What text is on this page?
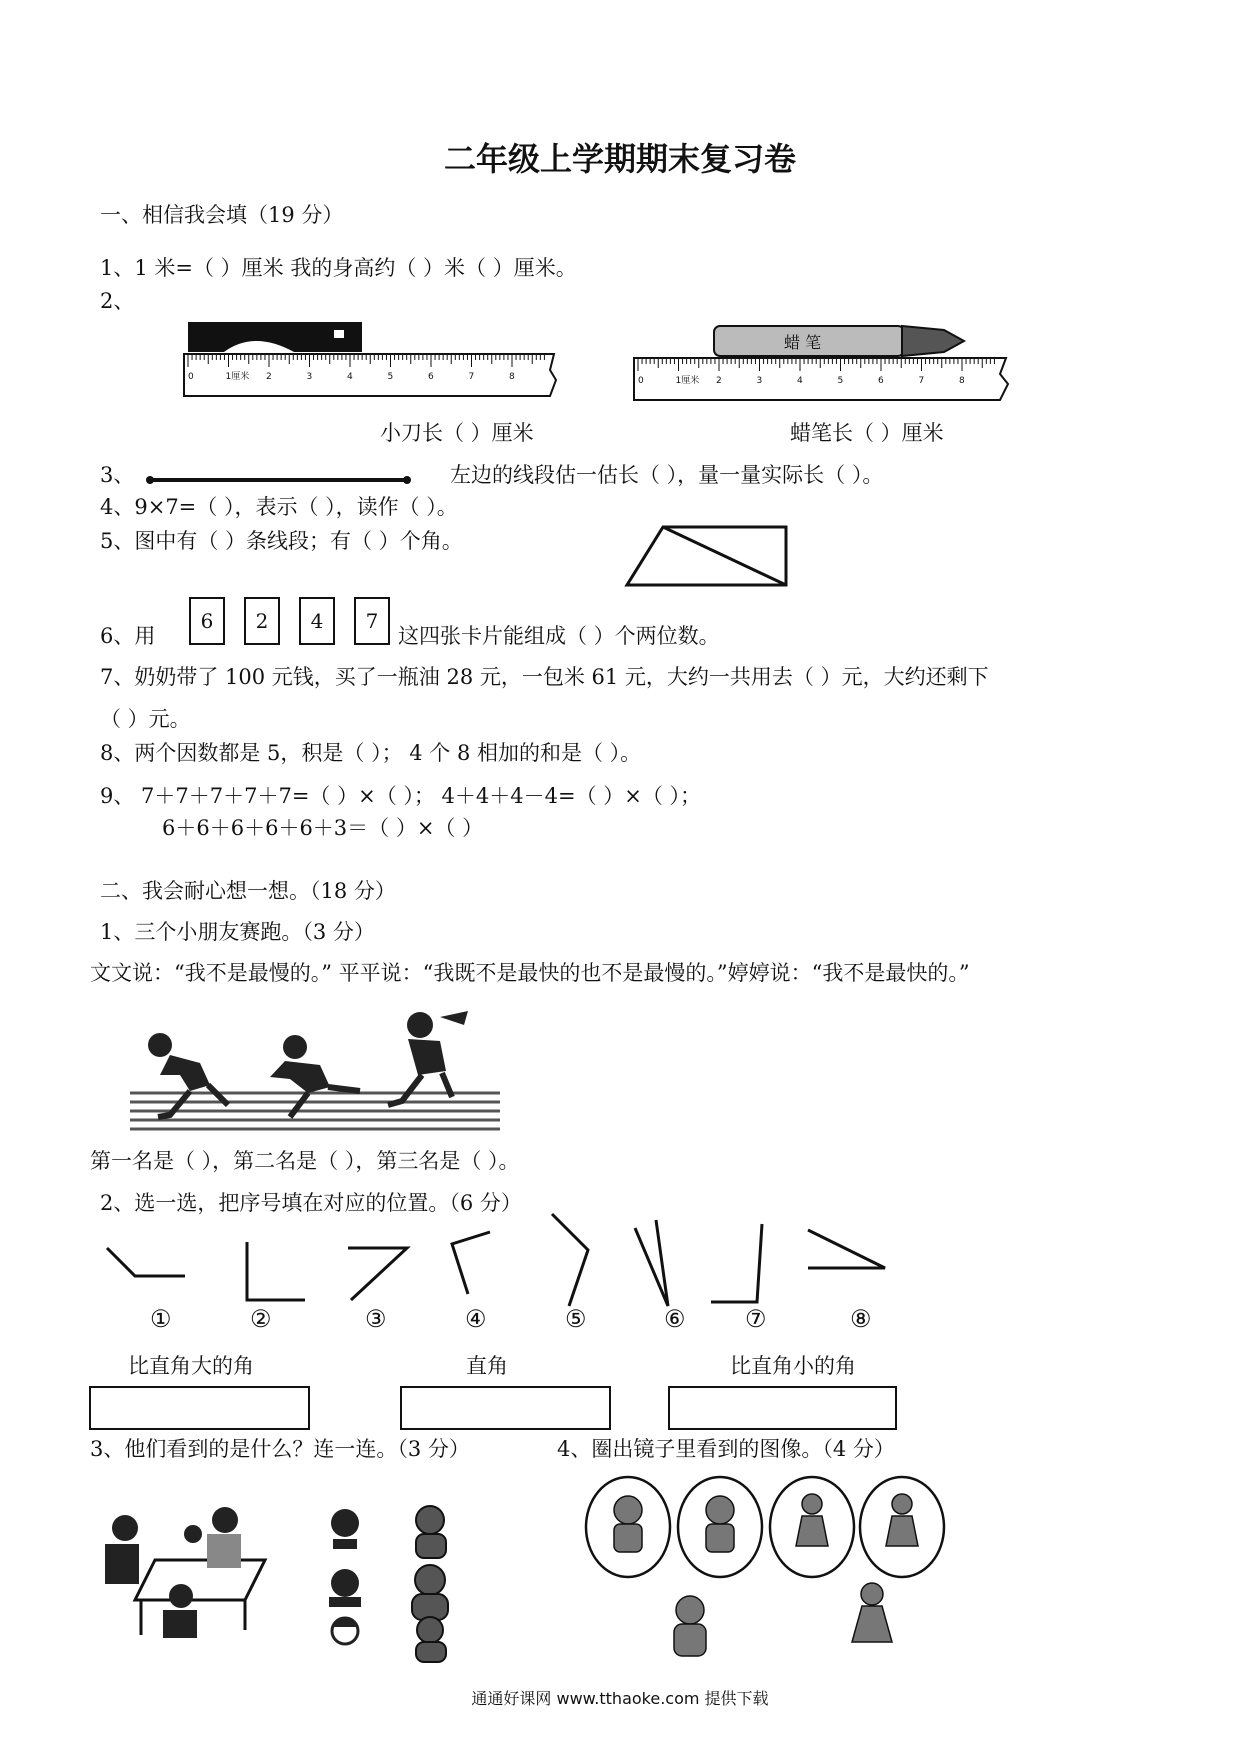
二年级上学期期末复习卷
一、相信我会填（19 分）
1、1 米=（ ）厘米 我的身高约（ ）米（ ）厘米。
2、
0	1厘米 2	3	4	5	6	7	8
蜡 笔
0	1厘米 2	3	4	5	6	7	8
小刀长（ ）厘米	蜡笔长（ ）厘米
3、	左边的线段估一估长（ ），量一量实际长（ ）。
4、9×7=（ ），表示（ ），读作（ ）。
5、图中有（ ）条线段；有（ ）个角。
6、用
6	2	4	7
这四张卡片能组成（ ）个两位数。
7、奶奶带了 100 元钱，买了一瓶油 28 元，一包米 61 元，大约一共用去（ ）元，大约还剩下
（ ）元。
8、两个因数都是 5，积是（ ）； 4 个 8 相加的和是（ ）。
9、 7＋7＋7＋7＋7=（ ）×（ ）； 4＋4＋4－4=（ ）×（ ）；
6＋6＋6＋6＋6＋3＝（ ）×（ ）
二、我会耐心想一想。（18 分）
1、三个小朋友赛跑。（3 分）
文文说：“我不是最慢的。” 平平说：“我既不是最快的也不是最慢的。”婷婷说：“我不是最快的。”
第一名是（ ），第二名是（ ），第三名是（ ）。
2、选一选，把序号填在对应的位置。（6 分）
①	②	③	④	⑤	⑥ ⑦	⑧
比直角大的角	直角	比直角小的角
3、他们看到的是什么？连一连。（3 分）	4、圈出镜子里看到的图像。（4 分）
通通好课网 www.tthaoke.com 提供下载
